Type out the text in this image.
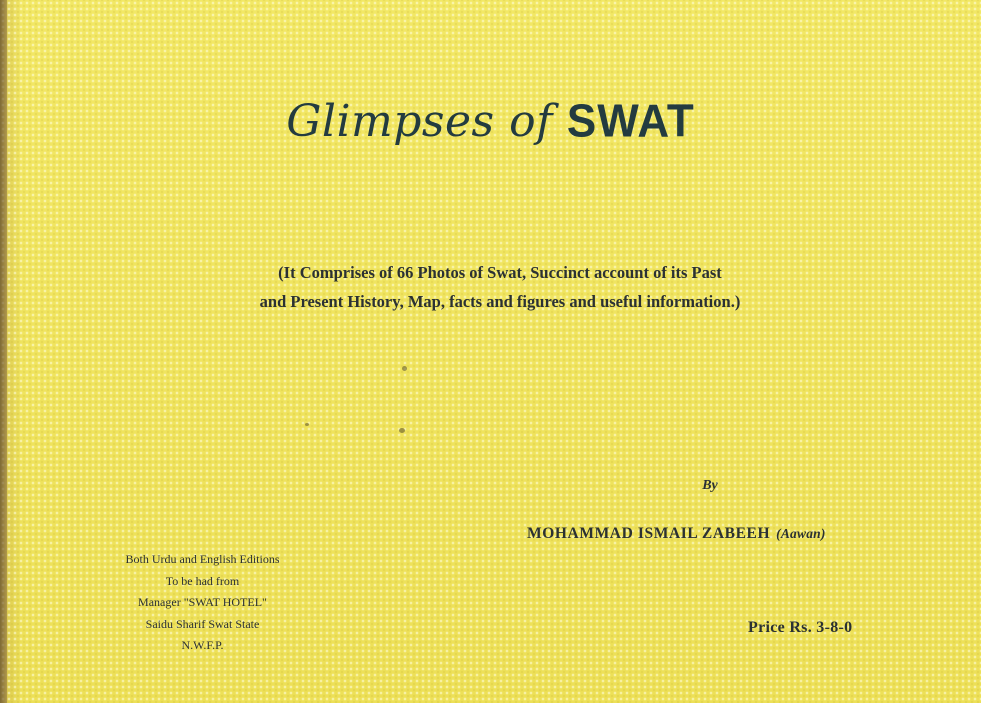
Glimpses of SWAT
(It Comprises of 66 Photos of Swat, Succinct account of its Past
and Present History, Map, facts and figures and useful information.)
By
MOHAMMAD ISMAIL ZABEEH (Aawan)
Both Urdu and English Editions
To be had from
Manager "SWAT HOTEL"
Saidu Sharif Swat State
N.W.F.P.
Price Rs. 3-8-0
